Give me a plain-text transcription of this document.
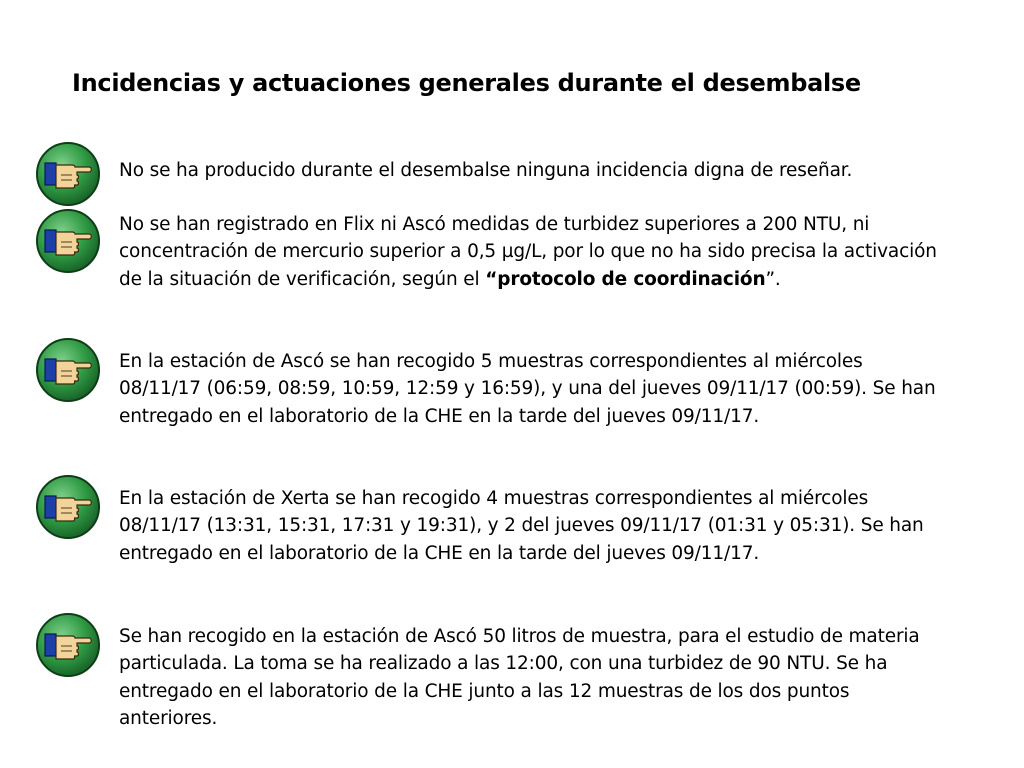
Incidencias y actuaciones generales durante el desembalse
No se ha producido durante el desembalse ninguna incidencia digna de reseñar.
No se han registrado en Flix ni Ascó medidas de turbidez superiores a 200 NTU, ni concentración de mercurio superior a 0,5 µg/L, por lo que no ha sido precisa la activación de la situación de verificación, según el “protocolo de coordinación”.
En la estación de Ascó se han recogido 5 muestras correspondientes al miércoles 08/11/17 (06:59, 08:59, 10:59, 12:59 y 16:59), y una del jueves 09/11/17 (00:59). Se han entregado en el laboratorio de la CHE en la tarde del jueves 09/11/17.
En la estación de Xerta se han recogido 4 muestras correspondientes al miércoles 08/11/17 (13:31, 15:31, 17:31 y 19:31), y 2 del jueves 09/11/17 (01:31 y 05:31). Se han entregado en el laboratorio de la CHE en la tarde del jueves 09/11/17.
Se han recogido en la estación de Ascó 50 litros de muestra, para el estudio de materia particulada. La toma se ha realizado a las 12:00, con una turbidez de 90 NTU. Se ha entregado en el laboratorio de la CHE junto a las 12 muestras de los dos puntos anteriores.
